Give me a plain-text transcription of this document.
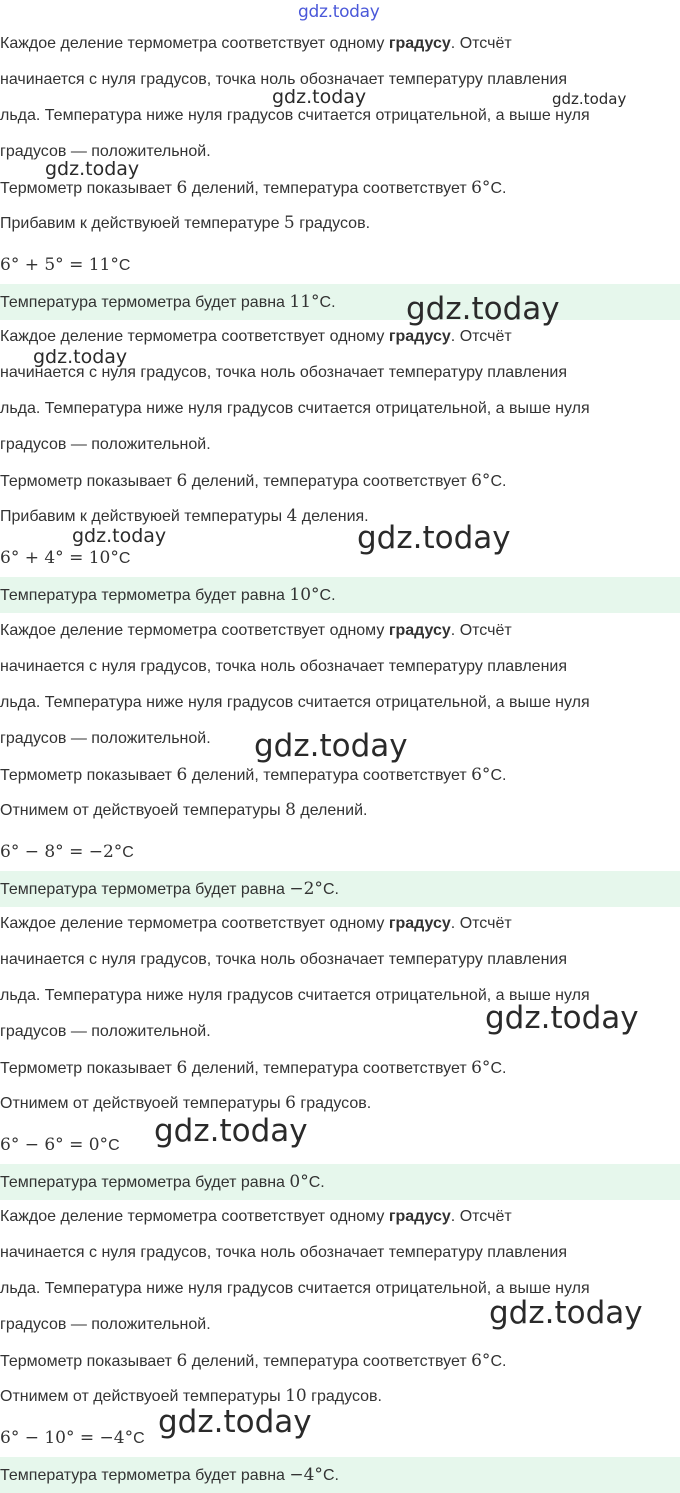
gdz.today
Каждое деление термометра соответствует одному градусу. Отсчёт
начинается с нуля градусов, точка ноль обозначает температуру плавления
льда. Температура ниже нуля градусов считается отрицательной, а выше нуля
градусов — положительной.
Термометр показывает 6 делений, температура соответствует 6°C.
Прибавим к действуюей температуре 5 градусов.
6° + 5° = 11°C
Температура термометра будет равна 11°C.
Каждое деление термометра соответствует одному градусу. Отсчёт
начинается с нуля градусов, точка ноль обозначает температуру плавления
льда. Температура ниже нуля градусов считается отрицательной, а выше нуля
градусов — положительной.
Термометр показывает 6 делений, температура соответствует 6°C.
Прибавим к действуюей температуры 4 деления.
6° + 4° = 10°C
Температура термометра будет равна 10°C.
Каждое деление термометра соответствует одному градусу. Отсчёт
начинается с нуля градусов, точка ноль обозначает температуру плавления
льда. Температура ниже нуля градусов считается отрицательной, а выше нуля
градусов — положительной.
Термометр показывает 6 делений, температура соответствует 6°C.
Отнимем от действуоей температуры 8 делений.
6° − 8° = −2°C
Температура термометра будет равна −2°C.
Каждое деление термометра соответствует одному градусу. Отсчёт
начинается с нуля градусов, точка ноль обозначает температуру плавления
льда. Температура ниже нуля градусов считается отрицательной, а выше нуля
градусов — положительной.
Термометр показывает 6 делений, температура соответствует 6°C.
Отнимем от действуоей температуры 6 градусов.
6° − 6° = 0°C
Температура термометра будет равна 0°C.
Каждое деление термометра соответствует одному градусу. Отсчёт
начинается с нуля градусов, точка ноль обозначает температуру плавления
льда. Температура ниже нуля градусов считается отрицательной, а выше нуля
градусов — положительной.
Термометр показывает 6 делений, температура соответствует 6°C.
Отнимем от действуоей температуры 10 градусов.
6° − 10° = −4°C
Температура термометра будет равна −4°C.
gdz.today	gdz.today
gdz.today
gdz.today
gdz.today
gdz.today	gdz.today
gdz.today
gdz.today
gdz.today
gdz.today
gdz.today
